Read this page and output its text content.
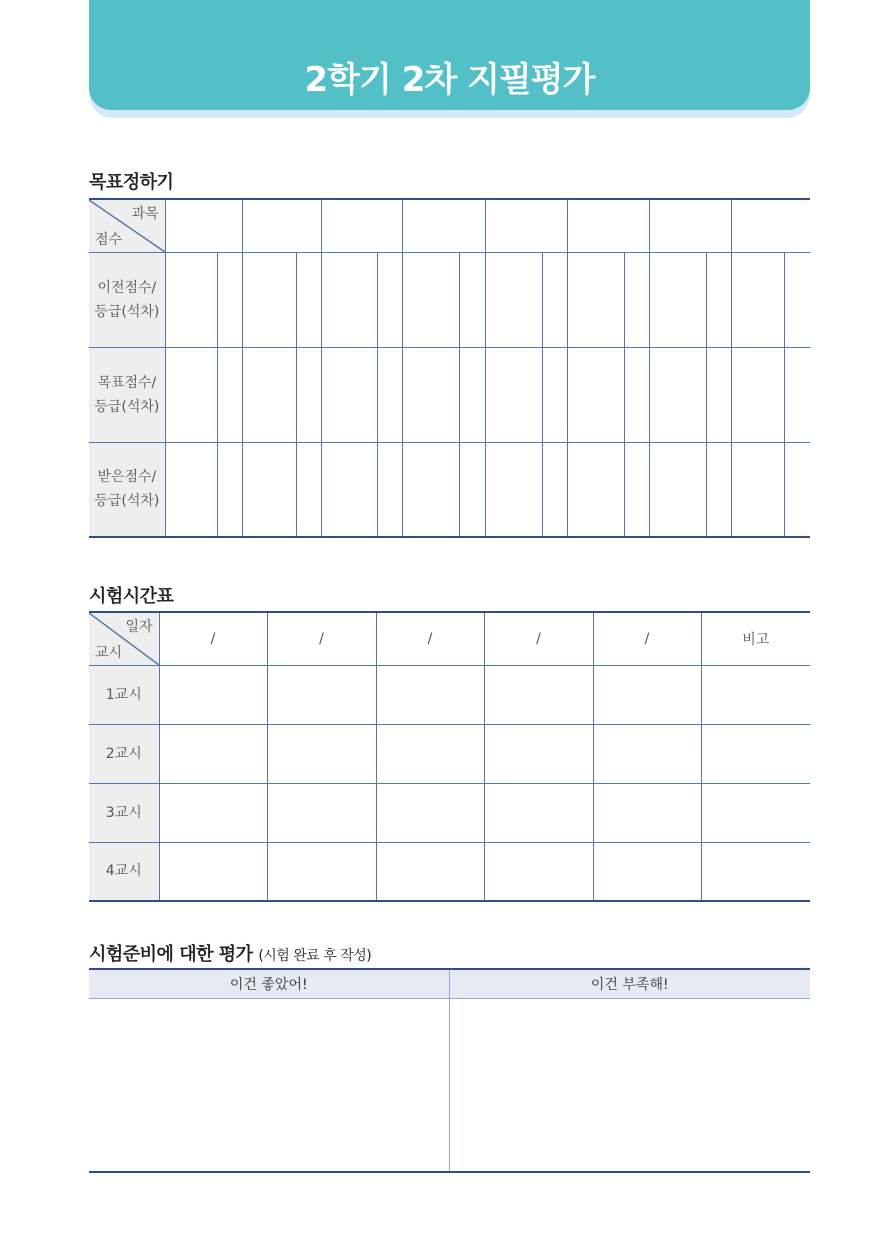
2학기 2차 지필평가
목표정하기
과목
점수																

이전점수/
등급(석차)																

목표점수/
등급(석차)																

받은점수/
등급(석차)																

시험시간표
일자
교시	/	/	/	/	/	비고
1교시						
2교시						
3교시						
4교시						
시험준비에 대한 평가 (시험 완료 후 작성)
이건 좋았어!	이건 부족해!
